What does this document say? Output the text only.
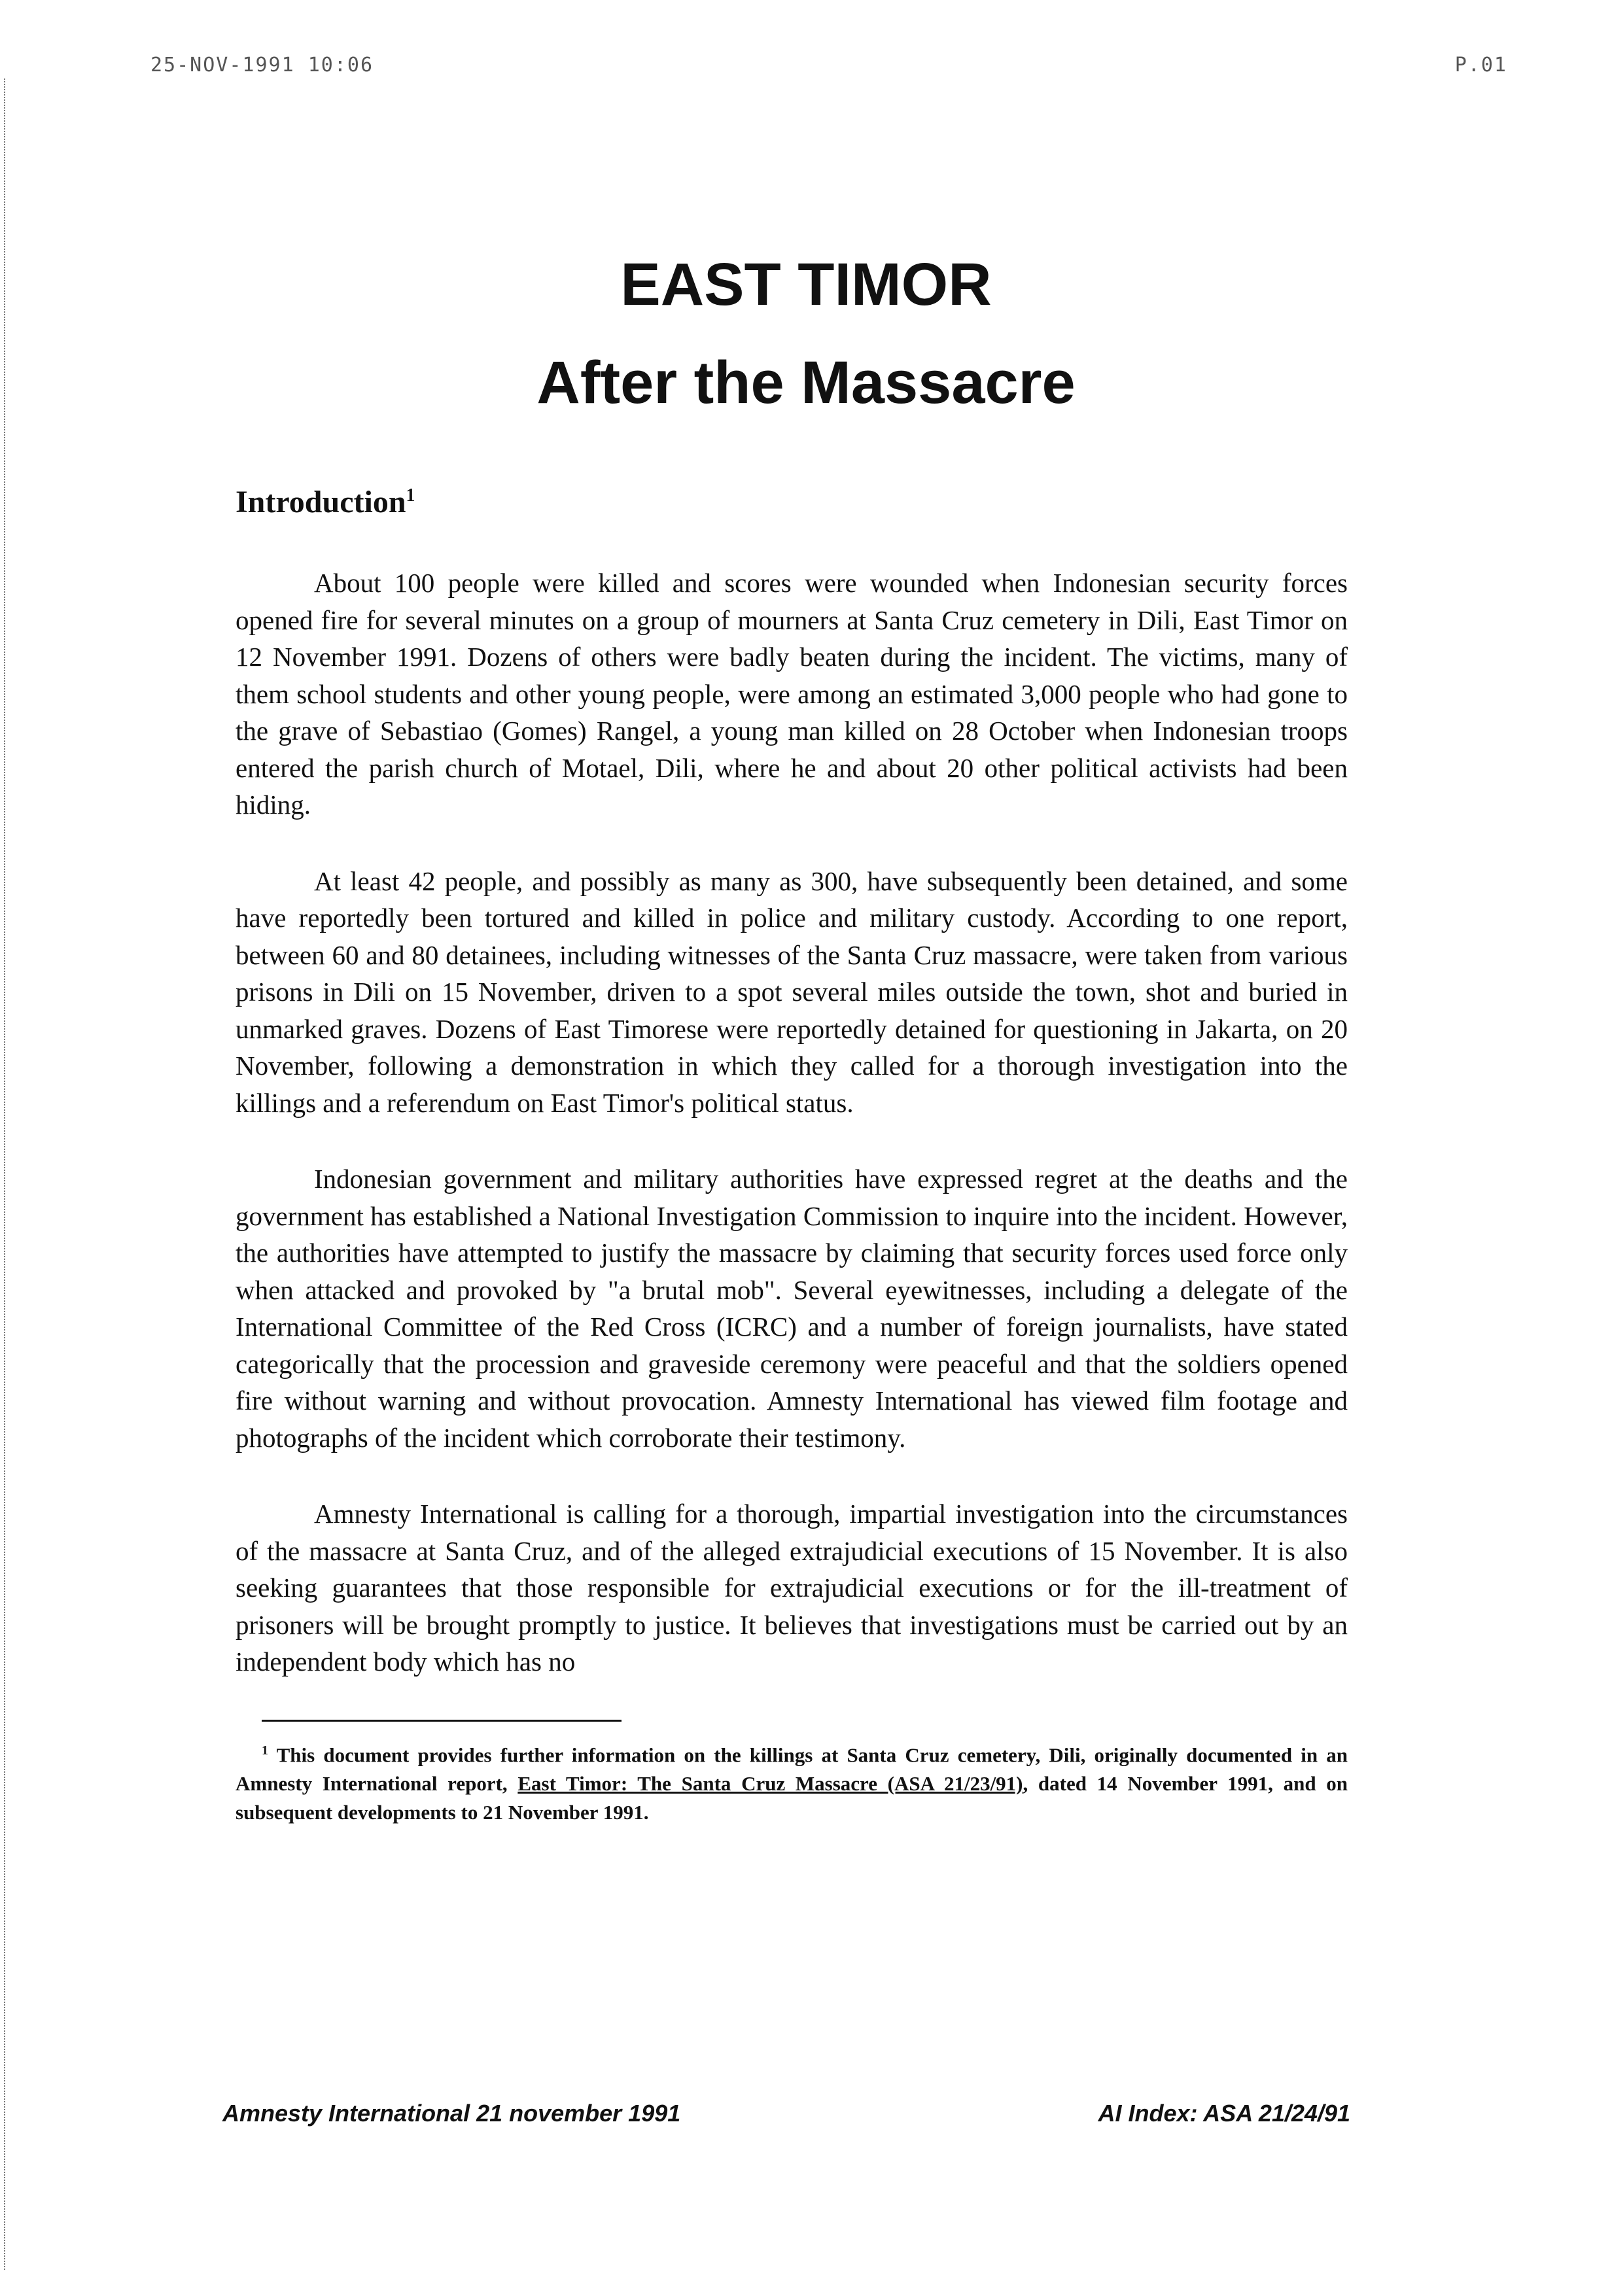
25-NOV-1991 10:06	P.01
EAST TIMOR
After the Massacre
Introduction$^1$

About 100 people were killed and scores were wounded when Indonesian security forces opened fire for several minutes on a group of mourners at Santa Cruz cemetery in Dili, East Timor on 12 November 1991. Dozens of others were badly beaten during the incident. The victims, many of them school students and other young people, were among an estimated 3,000 people who had gone to the grave of Sebastiao (Gomes) Rangel, a young man killed on 28 October when Indonesian troops entered the parish church of Motael, Dili, where he and about 20 other political activists had been hiding.

At least 42 people, and possibly as many as 300, have subsequently been detained, and some have reportedly been tortured and killed in police and military custody. According to one report, between 60 and 80 detainees, including witnesses of the Santa Cruz massacre, were taken from various prisons in Dili on 15 November, driven to a spot several miles outside the town, shot and buried in unmarked graves. Dozens of East Timorese were reportedly detained for questioning in Jakarta, on 20 November, following a demonstration in which they called for a thorough investigation into the killings and a referendum on East Timor's political status.

Indonesian government and military authorities have expressed regret at the deaths and the government has established a National Investigation Commission to inquire into the incident. However, the authorities have attempted to justify the massacre by claiming that security forces used force only when attacked and provoked by "a brutal mob". Several eyewitnesses, including a delegate of the International Committee of the Red Cross (ICRC) and a number of foreign journalists, have stated categorically that the procession and graveside ceremony were peaceful and that the soldiers opened fire without warning and without provocation. Amnesty International has viewed film footage and photographs of the incident which corroborate their testimony.

Amnesty International is calling for a thorough, impartial investigation into the circumstances of the massacre at Santa Cruz, and of the alleged extrajudicial executions of 15 November. It is also seeking guarantees that those responsible for extrajudicial executions or for the ill-treatment of prisoners will be brought promptly to justice. It believes that investigations must be carried out by an independent body which has no

$^1$ This document provides further information on the killings at Santa Cruz cemetery, Dili, originally documented in an Amnesty International report, East Timor: The Santa Cruz Massacre (ASA 21/23/91), dated 14 November 1991, and on subsequent developments to 21 November 1991.

Amnesty International 21 november 1991	AI Index: ASA 21/24/91
